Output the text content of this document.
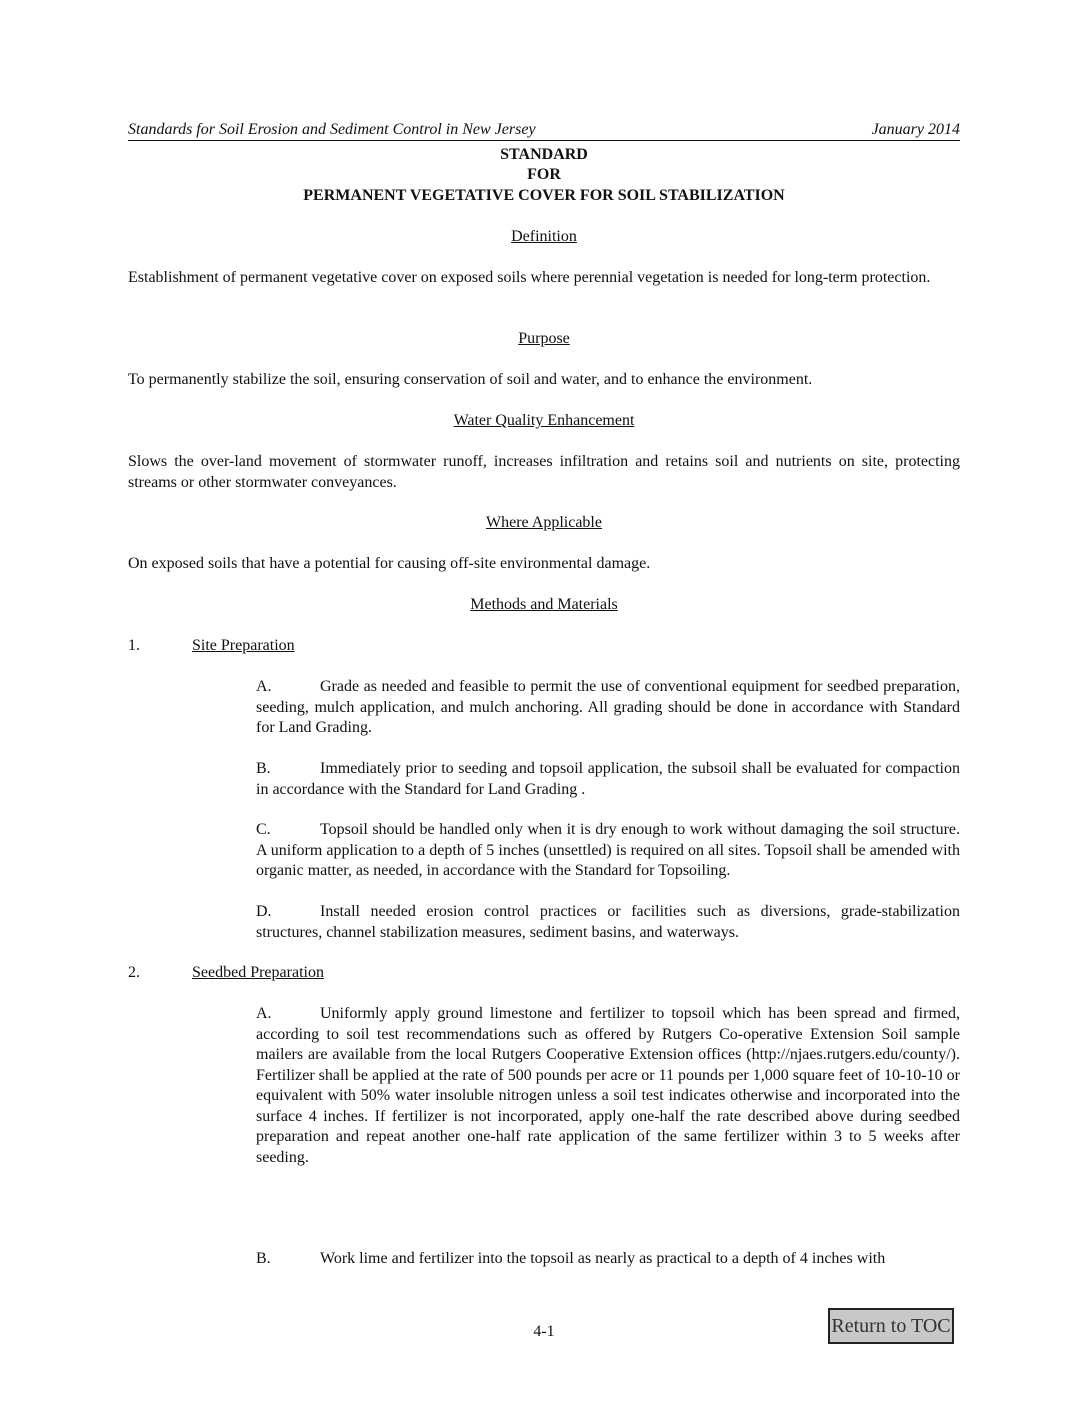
Standards for Soil Erosion and Sediment Control in New Jersey	January 2014
STANDARD
FOR
PERMANENT VEGETATIVE COVER FOR SOIL STABILIZATION
Definition

Establishment of permanent vegetative cover on exposed soils where perennial vegetation is needed for long-term protection.

Purpose

To permanently stabilize the soil, ensuring conservation of soil and water, and to enhance the environment.

Water Quality Enhancement

Slows the over-land movement of stormwater runoff, increases infiltration and retains soil and nutrients on site, protecting streams or other stormwater conveyances.

Where Applicable

On exposed soils that have a potential for causing off-site environmental damage.

Methods and Materials
1.	Site Preparation

A.	Grade as needed and feasible to permit the use of conventional equipment for seedbed preparation, seeding, mulch application, and mulch anchoring. All grading should be done in accordance with Standard for Land Grading.

B.	Immediately prior to seeding and topsoil application, the subsoil shall be evaluated for compaction in accordance with the Standard for Land Grading .

C.	Topsoil should be handled only when it is dry enough to work without damaging the soil structure. A uniform application to a depth of 5 inches (unsettled) is required on all sites. Topsoil shall be amended with organic matter, as needed, in accordance with the Standard for Topsoiling.

D.	Install needed erosion control practices or facilities such as diversions, grade-stabilization structures, channel stabilization measures, sediment basins, and waterways.

2.	Seedbed Preparation

A.	Uniformly apply ground limestone and fertilizer to topsoil which has been spread and firmed, according to soil test recommendations such as offered by Rutgers Co-operative Extension Soil sample mailers are available from the local Rutgers Cooperative Extension offices (http://njaes.rutgers.edu/county/). Fertilizer shall be applied at the rate of 500 pounds per acre or 11 pounds per 1,000 square feet of 10-10-10 or equivalent with 50% water insoluble nitrogen unless a soil test indicates otherwise and incorporated into the surface 4 inches. If fertilizer is not incorporated, apply one-half the rate described above during seedbed preparation and repeat another one-half rate application of the same fertilizer within 3 to 5 weeks after seeding.

B.	Work lime and fertilizer into the topsoil as nearly as practical to a depth of 4 inches with

4-1	Return to TOC
